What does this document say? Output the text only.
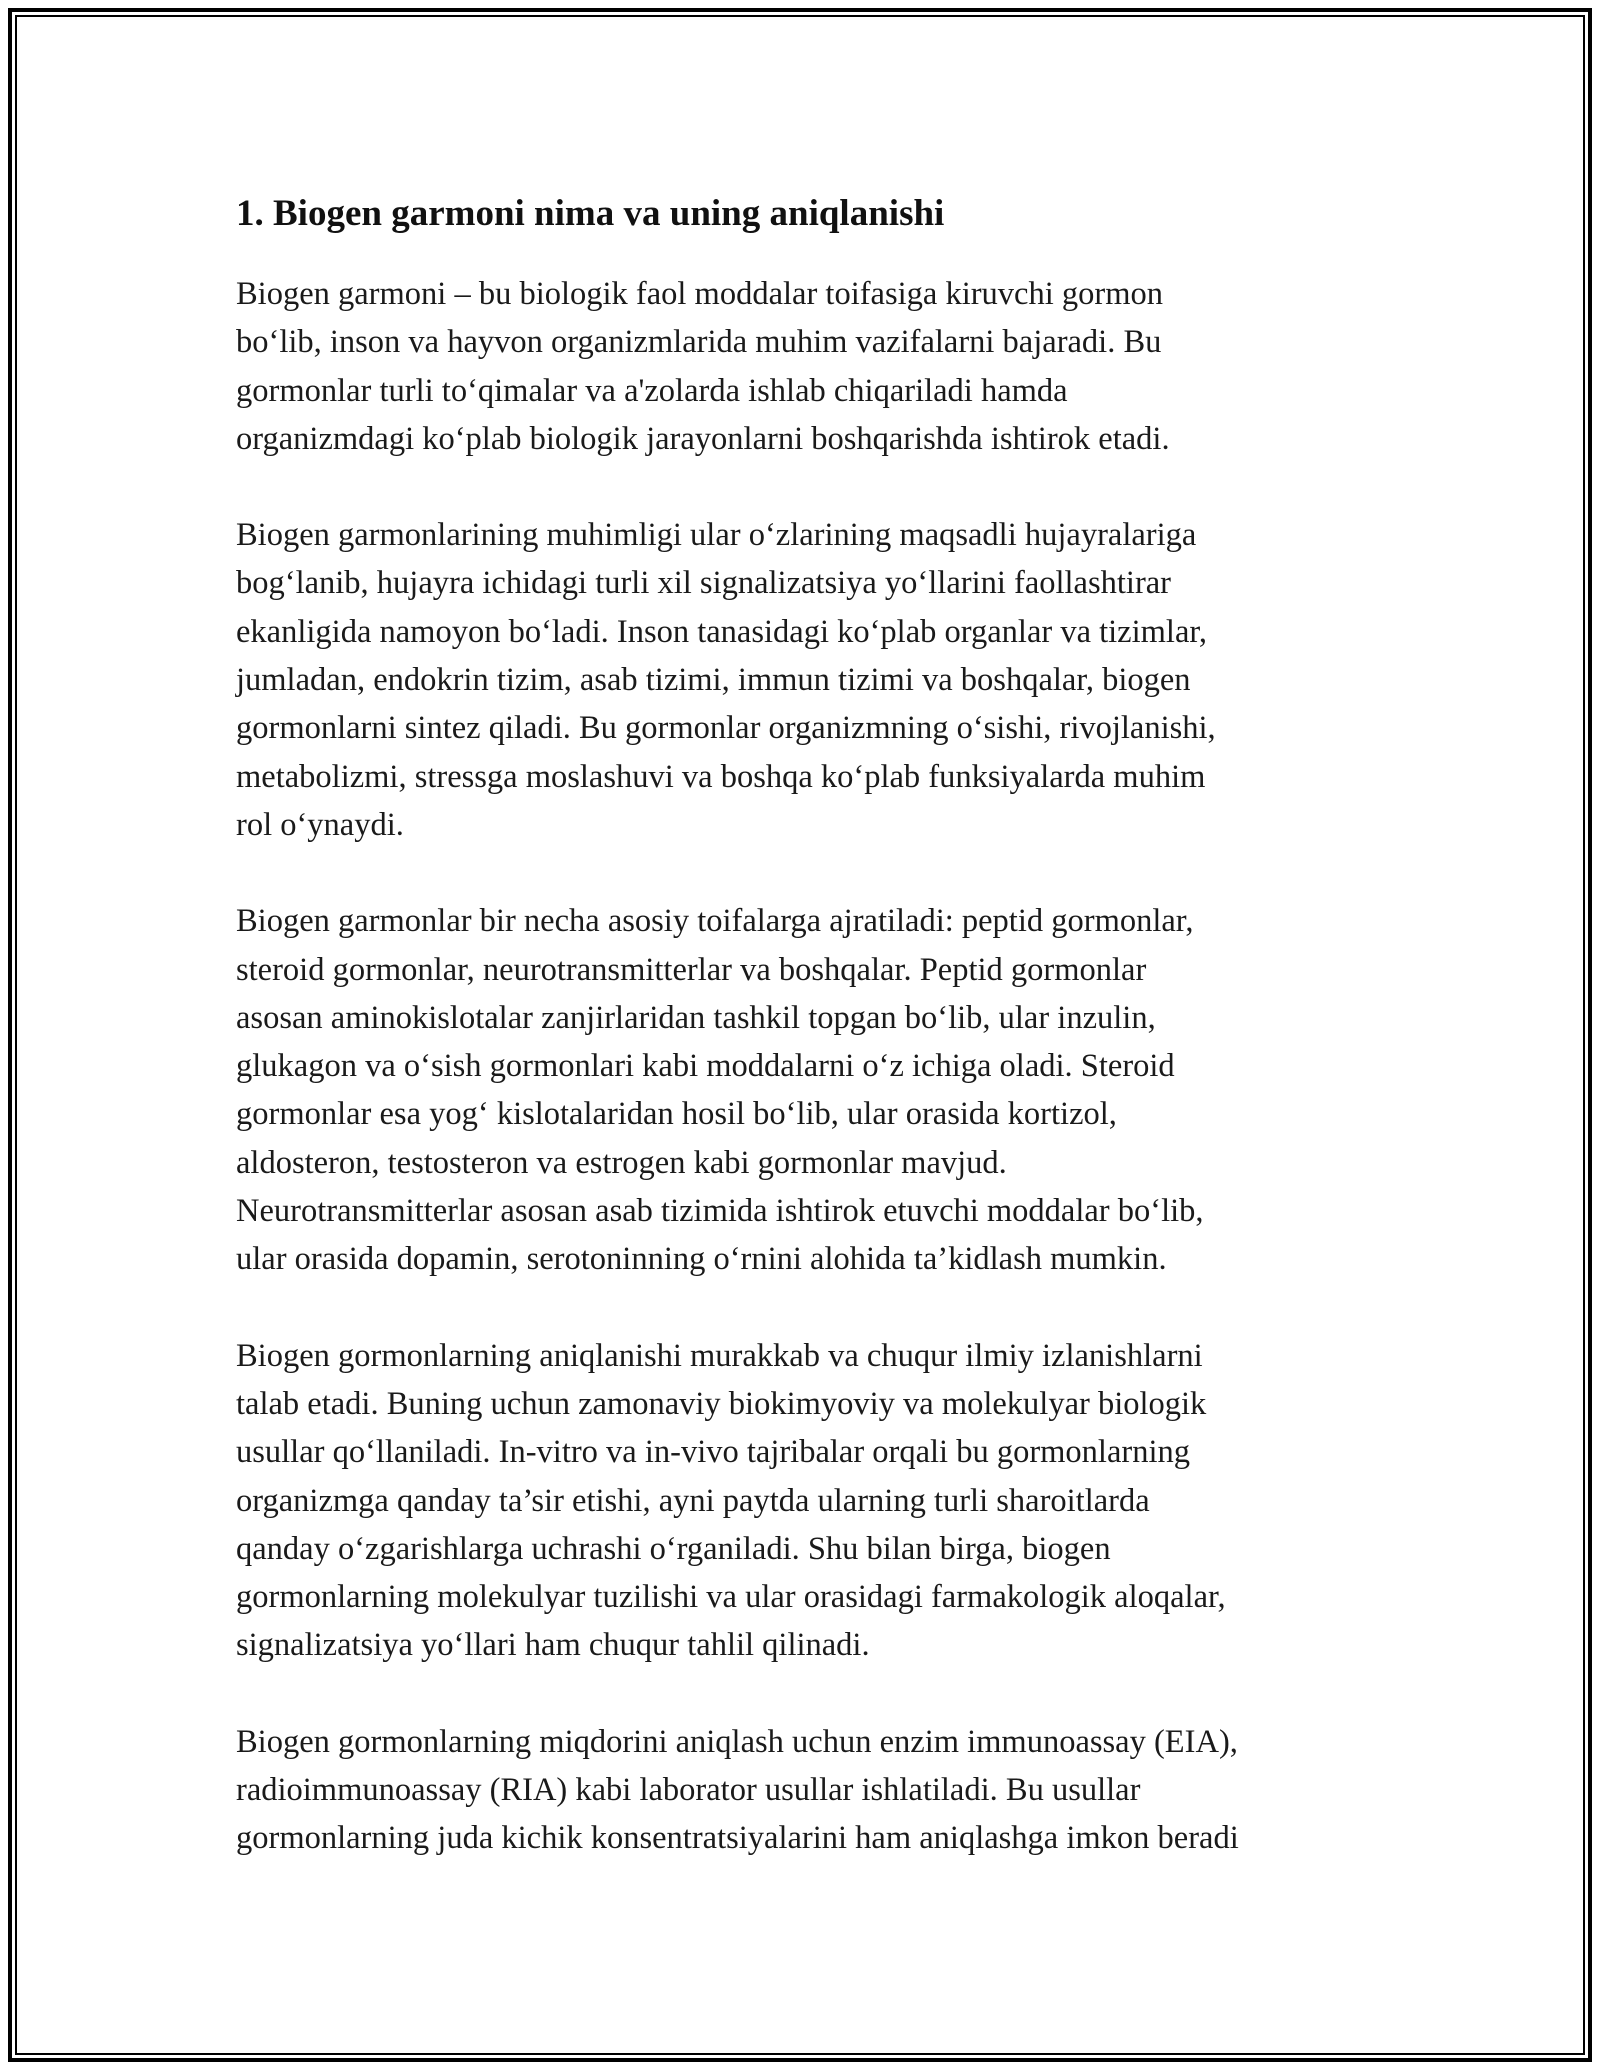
1. Biogen garmoni nima va uning aniqlanishi

Biogen garmoni – bu biologik faol moddalar toifasiga kiruvchi gormon
bo‘lib, inson va hayvon organizmlarida muhim vazifalarni bajaradi. Bu
gormonlar turli to‘qimalar va a'zolarda ishlab chiqariladi hamda
organizmdagi ko‘plab biologik jarayonlarni boshqarishda ishtirok etadi.

Biogen garmonlarining muhimligi ular o‘zlarining maqsadli hujayralariga
bog‘lanib, hujayra ichidagi turli xil signalizatsiya yo‘llarini faollashtirar
ekanligida namoyon bo‘ladi. Inson tanasidagi ko‘plab organlar va tizimlar,
jumladan, endokrin tizim, asab tizimi, immun tizimi va boshqalar, biogen
gormonlarni sintez qiladi. Bu gormonlar organizmning o‘sishi, rivojlanishi,
metabolizmi, stressga moslashuvi va boshqa ko‘plab funksiyalarda muhim
rol o‘ynaydi.

Biogen garmonlar bir necha asosiy toifalarga ajratiladi: peptid gormonlar,
steroid gormonlar, neurotransmitterlar va boshqalar. Peptid gormonlar
asosan aminokislotalar zanjirlaridan tashkil topgan bo‘lib, ular inzulin,
glukagon va o‘sish gormonlari kabi moddalarni o‘z ichiga oladi. Steroid
gormonlar esa yog‘ kislotalaridan hosil bo‘lib, ular orasida kortizol,
aldosteron, testosteron va estrogen kabi gormonlar mavjud.
Neurotransmitterlar asosan asab tizimida ishtirok etuvchi moddalar bo‘lib,
ular orasida dopamin, serotoninning o‘rnini alohida ta’kidlash mumkin.

Biogen gormonlarning aniqlanishi murakkab va chuqur ilmiy izlanishlarni
talab etadi. Buning uchun zamonaviy biokimyoviy va molekulyar biologik
usullar qo‘llaniladi. In-vitro va in-vivo tajribalar orqali bu gormonlarning
organizmga qanday ta’sir etishi, ayni paytda ularning turli sharoitlarda
qanday o‘zgarishlarga uchrashi o‘rganiladi. Shu bilan birga, biogen
gormonlarning molekulyar tuzilishi va ular orasidagi farmakologik aloqalar,
signalizatsiya yo‘llari ham chuqur tahlil qilinadi.

Biogen gormonlarning miqdorini aniqlash uchun enzim immunoassay (EIA),
radioimmunoassay (RIA) kabi laborator usullar ishlatiladi. Bu usullar
gormonlarning juda kichik konsentratsiyalarini ham aniqlashga imkon beradi
